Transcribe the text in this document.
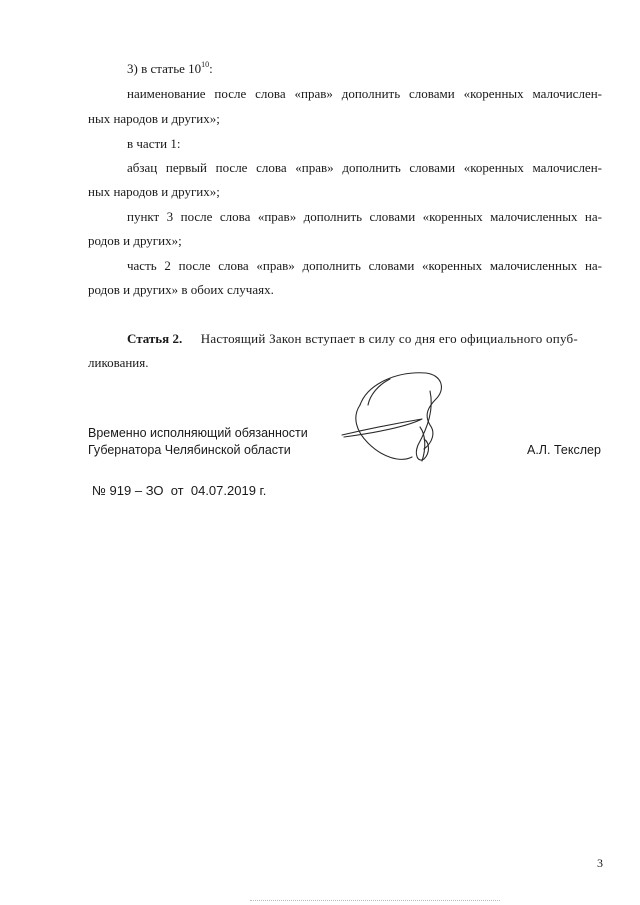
3) в статье $10^{10}$:
наименование после слова «прав» дополнить словами «коренных малочислен-
ных народов и других»;
в части 1:
абзац первый после слова «прав» дополнить словами «коренных малочислен-
ных народов и других»;
пункт 3 после слова «прав» дополнить словами «коренных малочисленных на-
родов и других»;
часть 2 после слова «прав» дополнить словами «коренных малочисленных на-
родов и других» в обоих случаях.
Статья 2. Настоящий Закон вступает в силу со дня его официального опуб-
ликования.
Временно исполняющий обязанности
Губернатора Челябинской области	А.Л. Текслер
№ 919 – ЗО  от  04.07.2019 г.
3
